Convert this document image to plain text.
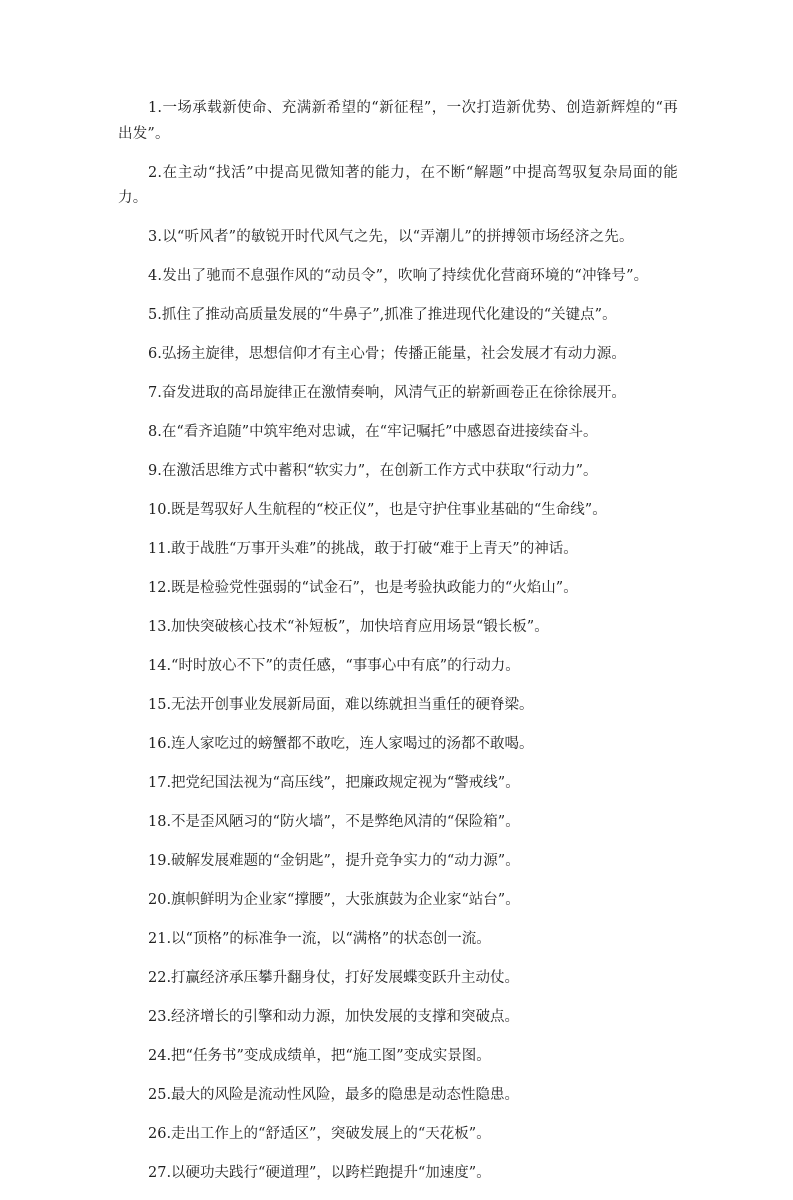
1.一场承载新使命、充满新希望的“新征程”，一次打造新优势、创造新辉煌的“再出发”。

2.在主动“找活”中提高见微知著的能力，在不断“解题”中提高驾驭复杂局面的能力。

3.以“听风者”的敏锐开时代风气之先，以“弄潮儿”的拼搏领市场经济之先。

4.发出了驰而不息强作风的“动员令”，吹响了持续优化营商环境的“冲锋号”。

5.抓住了推动高质量发展的“牛鼻子”,抓准了推进现代化建设的“关键点”。

6.弘扬主旋律，思想信仰才有主心骨；传播正能量，社会发展才有动力源。

7.奋发进取的高昂旋律正在激情奏响，风清气正的崭新画卷正在徐徐展开。

8.在“看齐追随”中筑牢绝对忠诚，在“牢记嘱托”中感恩奋进接续奋斗。

9.在激活思维方式中蓄积“软实力”，在创新工作方式中获取“行动力”。

10.既是驾驭好人生航程的“校正仪”，也是守护住事业基础的“生命线”。

11.敢于战胜“万事开头难”的挑战，敢于打破“难于上青天”的神话。

12.既是检验党性强弱的“试金石”，也是考验执政能力的“火焰山”。

13.加快突破核心技术“补短板”，加快培育应用场景“锻长板”。

14.“时时放心不下”的责任感，“事事心中有底”的行动力。

15.无法开创事业发展新局面，难以练就担当重任的硬脊梁。

16.连人家吃过的螃蟹都不敢吃，连人家喝过的汤都不敢喝。

17.把党纪国法视为“高压线”，把廉政规定视为“警戒线”。

18.不是歪风陋习的“防火墙”，不是弊绝风清的“保险箱”。

19.破解发展难题的“金钥匙”，提升竞争实力的“动力源”。

20.旗帜鲜明为企业家“撑腰”，大张旗鼓为企业家“站台”。

21.以“顶格”的标准争一流，以“满格”的状态创一流。

22.打赢经济承压攀升翻身仗，打好发展蝶变跃升主动仗。

23.经济增长的引擎和动力源，加快发展的支撑和突破点。

24.把“任务书”变成成绩单，把“施工图”变成实景图。

25.最大的风险是流动性风险，最多的隐患是动态性隐患。

26.走出工作上的“舒适区”，突破发展上的“天花板”。

27.以硬功夫践行“硬道理”，以跨栏跑提升“加速度”。
